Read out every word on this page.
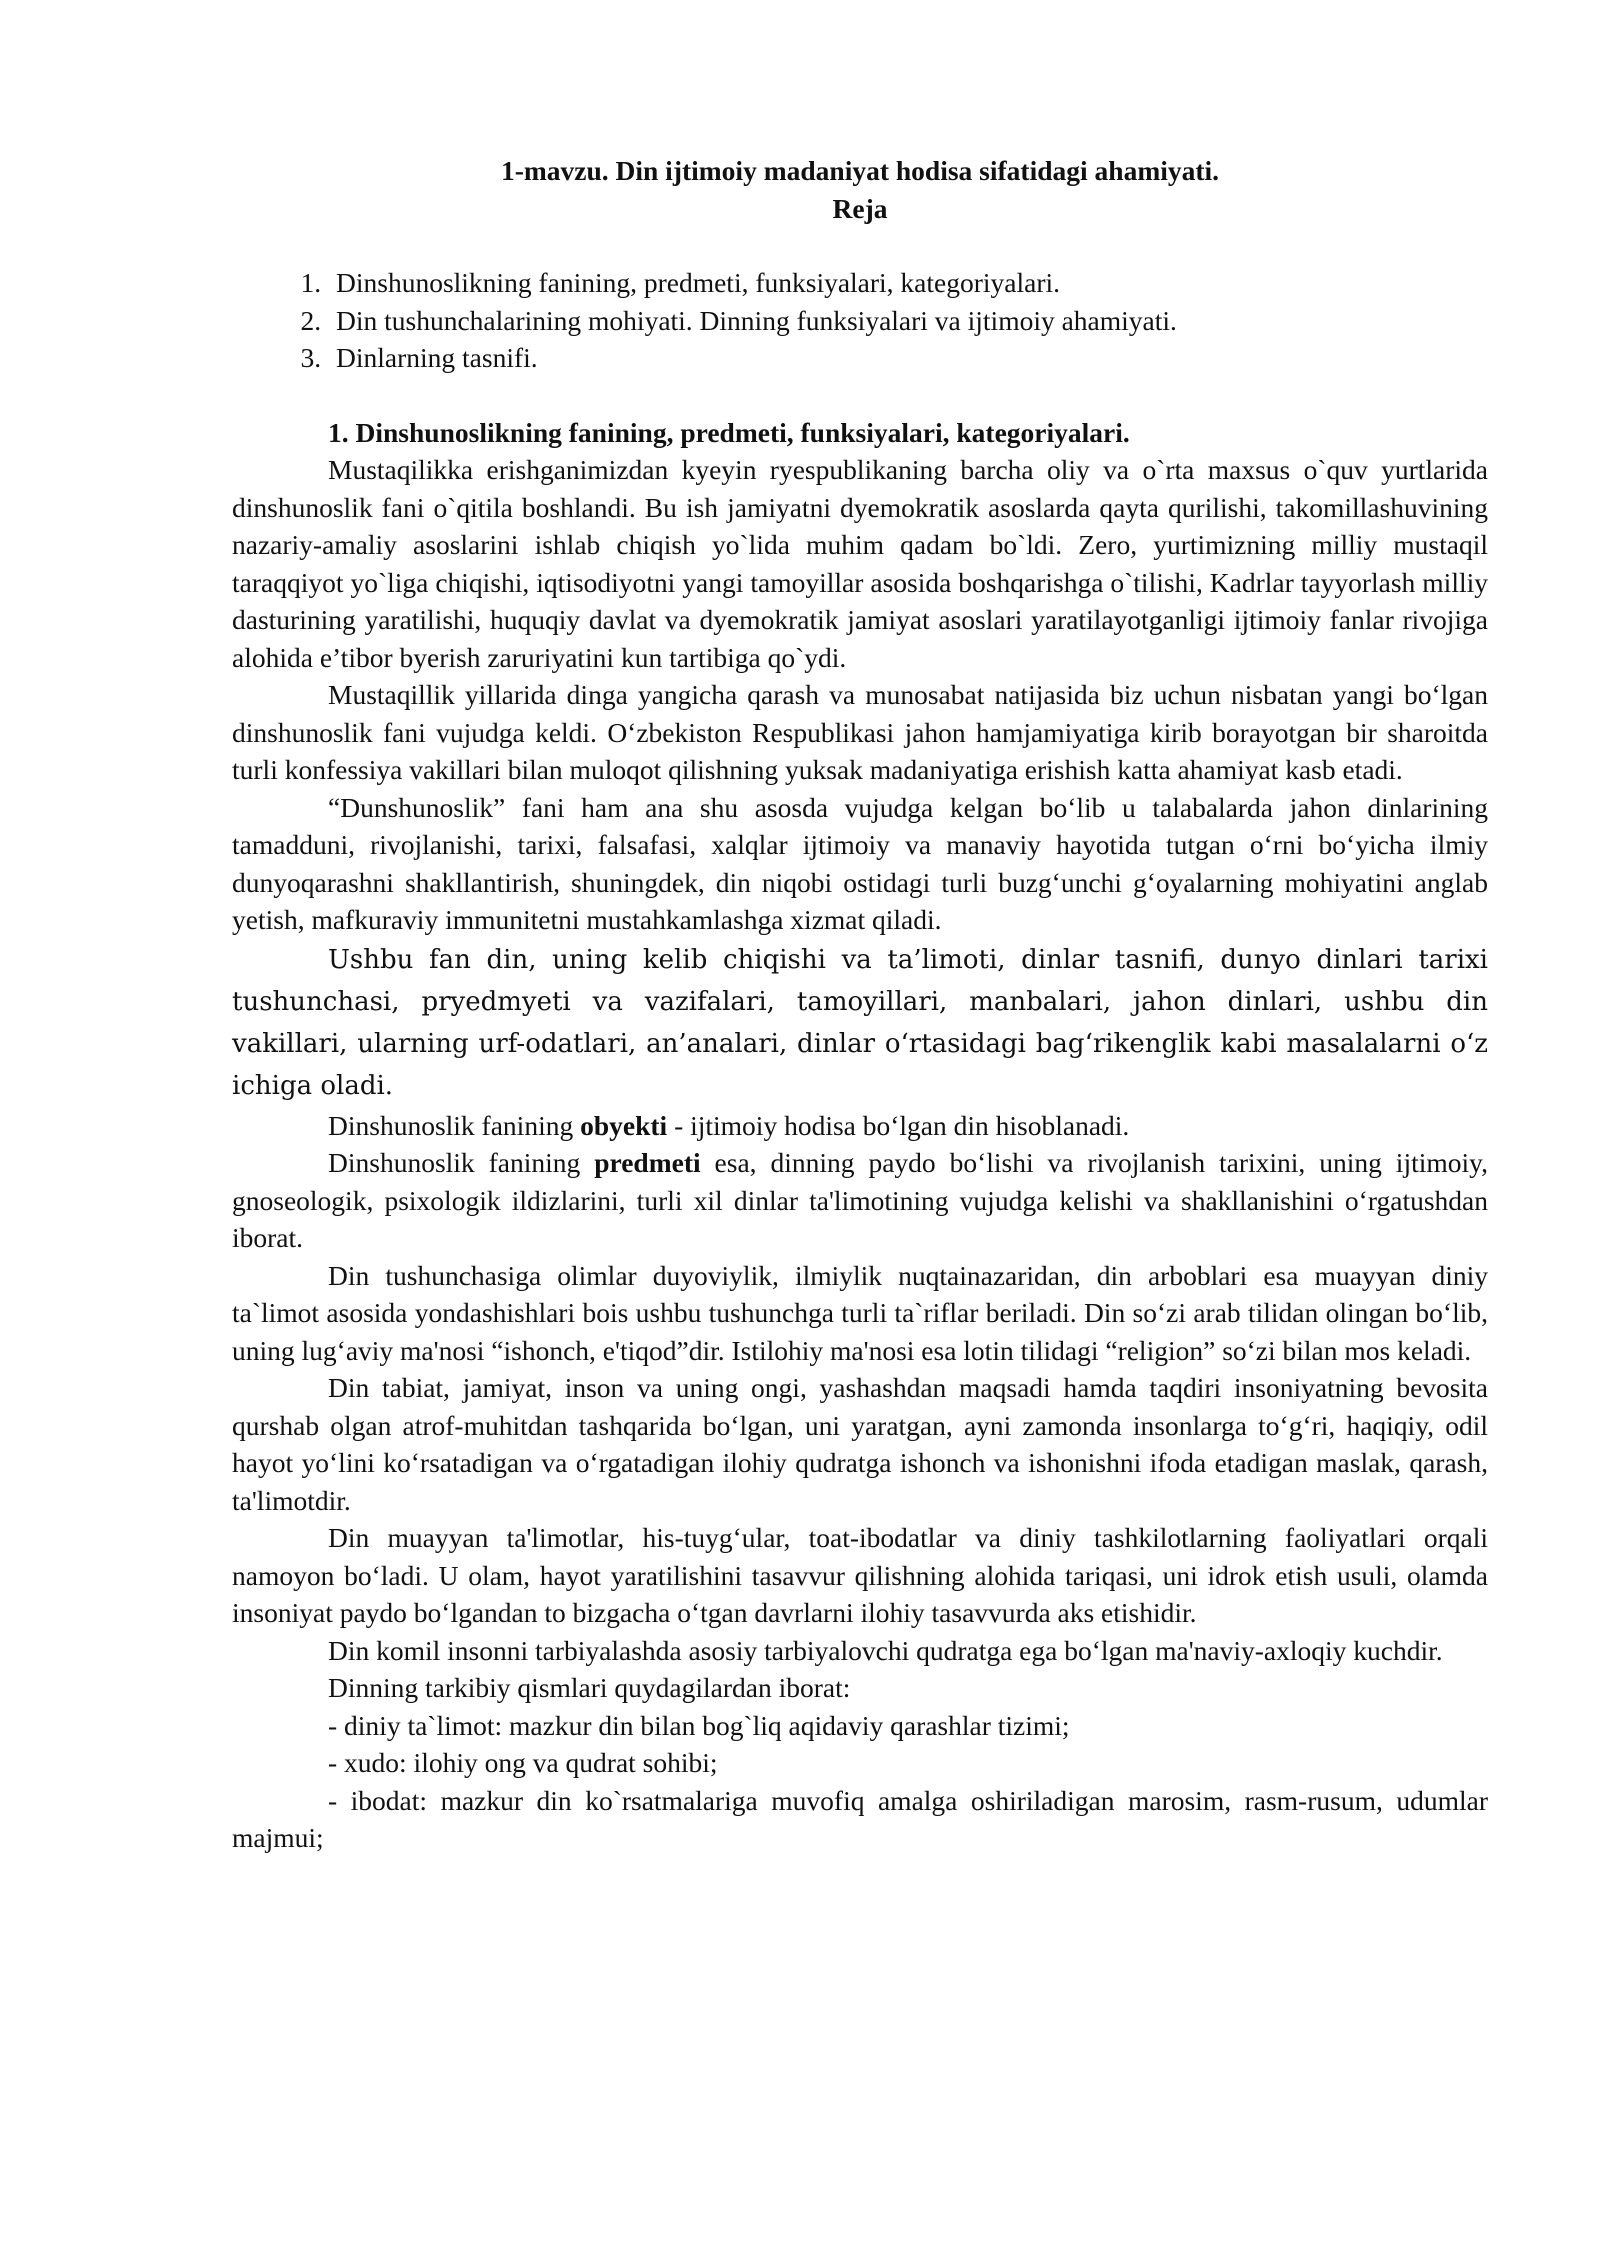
1-mavzu. Din ijtimoiy madaniyat hodisa sifatidagi ahamiyati.

Reja

1. Dinshunoslikning fanining, predmeti, funksiyalari, kategoriyalari.
2. Din tushunchalarining mohiyati. Dinning funksiyalari va ijtimoiy ahamiyati.
3. Dinlarning tasnifi.

1. Dinshunoslikning fanining, predmeti, funksiyalari, kategoriyalari.

Mustaqilikka erishganimizdan kyeyin ryespublikaning barcha oliy va o`rta maxsus o`quv yurtlarida dinshunoslik fani o`qitila boshlandi. Bu ish jamiyatni dyemokratik asoslarda qayta qurilishi, takomillashuvining nazariy-amaliy asoslarini ishlab chiqish yo`lida muhim qadam bo`ldi. Zero, yurtimizning milliy mustaqil taraqqiyot yo`liga chiqishi, iqtisodiyotni yangi tamoyillar asosida boshqarishga o`tilishi, Kadrlar tayyorlash milliy dasturining yaratilishi, huquqiy davlat va dyemokratik jamiyat asoslari yaratilayotganligi ijtimoiy fanlar rivojiga alohida e’tibor byerish zaruriyatini kun tartibiga qo`ydi.

Mustaqillik yillarida dinga yangicha qarash va munosabat natijasida biz uchun nisbatan yangi bo‘lgan dinshunoslik fani vujudga keldi. O‘zbekiston Respublikasi jahon hamjamiyatiga kirib borayotgan bir sharoitda turli konfessiya vakillari bilan muloqot qilishning yuksak madaniyatiga erishish katta ahamiyat kasb etadi.

“Dunshunoslik” fani ham ana shu asosda vujudga kelgan bo‘lib u talabalarda jahon dinlarining tamadduni, rivojlanishi, tarixi, falsafasi, xalqlar ijtimoiy va manaviy hayotida tutgan o‘rni bo‘yicha ilmiy dunyoqarashni shakllantirish, shuningdek, din niqobi ostidagi turli buzg‘unchi g‘oyalarning mohiyatini anglab yetish, mafkuraviy immunitetni mustahkamlashga xizmat qiladi.

Ushbu fan din, uning kelib chiqishi va ta’limoti, dinlar tasnifi, dunyo dinlari tarixi tushunchasi, pryedmyeti va vazifalari, tamoyillari, manbalari, jahon dinlari, ushbu din vakillari, ularning urf-odatlari, an’analari, dinlar o‘rtasidagi bag‘rikenglik kabi masalalarni o‘z ichiga oladi.

Dinshunoslik fanining obyekti - ijtimoiy hodisa bo‘lgan din hisoblanadi.

Dinshunoslik fanining predmeti esa, dinning paydo bo‘lishi va rivojlanish tarixini, uning ijtimoiy, gnoseologik, psixologik ildizlarini, turli xil dinlar ta'limotining vujudga kelishi va shakllanishini o‘rgatushdan iborat.

Din tushunchasiga olimlar duyoviylik, ilmiylik nuqtainazaridan, din arboblari esa muayyan diniy ta`limot asosida yondashishlari bois ushbu tushunchga turli ta`riflar beriladi. Din so‘zi arab tilidan olingan bo‘lib, uning lug‘aviy ma'nosi “ishonch, e'tiqod”dir. Istilohiy ma'nosi esa lotin tilidagi “religion” so‘zi bilan mos keladi.

Din tabiat, jamiyat, inson va uning ongi, yashashdan maqsadi hamda taqdiri insoniyatning bevosita qurshab olgan atrof-muhitdan tashqarida bo‘lgan, uni yaratgan, ayni zamonda insonlarga to‘g‘ri, haqiqiy, odil hayot yo‘lini ko‘rsatadigan va o‘rgatadigan ilohiy qudratga ishonch va ishonishni ifoda etadigan maslak, qarash, ta'limotdir.

Din muayyan ta'limotlar, his-tuyg‘ular, toat-ibodatlar va diniy tashkilotlarning faoliyatlari orqali namoyon bo‘ladi. U olam, hayot yaratilishini tasavvur qilishning alohida tariqasi, uni idrok etish usuli, olamda insoniyat paydo bo‘lgandan to bizgacha o‘tgan davrlarni ilohiy tasavvurda aks etishidir.

Din komil insonni tarbiyalashda asosiy tarbiyalovchi qudratga ega bo‘lgan ma'naviy-axloqiy kuchdir.

Dinning tarkibiy qismlari quydagilardan iborat:

- diniy ta`limot: mazkur din bilan bog`liq aqidaviy qarashlar tizimi;

- xudo: ilohiy ong va qudrat sohibi;

- ibodat: mazkur din ko`rsatmalariga muvofiq amalga oshiriladigan marosim, rasm-rusum, udumlar majmui;
